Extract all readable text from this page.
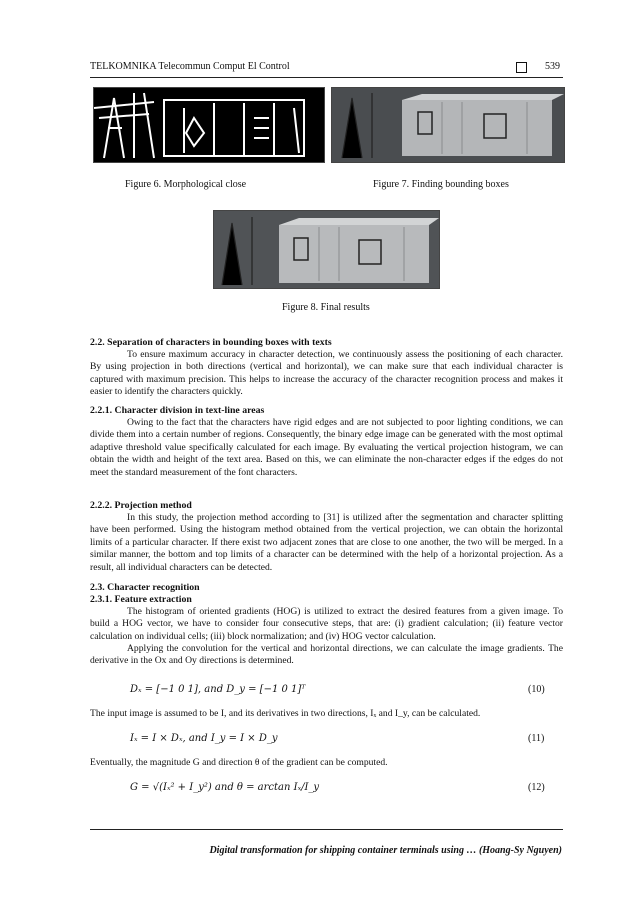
TELKOMNIKA Telecommun Comput El Control	539
Figure 6. Morphological close	Figure 7. Finding bounding boxes
Figure 8. Final results
2.2. Separation of characters in bounding boxes with texts
To ensure maximum accuracy in character detection, we continuously assess the positioning of each character. By using projection in both directions (vertical and horizontal), we can make sure that each individual character is captured with maximum precision. This helps to increase the accuracy of the character recognition process and makes it easier to identify the characters quickly.
2.2.1. Character division in text-line areas
Owing to the fact that the characters have rigid edges and are not subjected to poor lighting conditions, we can divide them into a certain number of regions. Consequently, the binary edge image can be generated with the most optimal adaptive threshold value specifically calculated for each image. By evaluating the vertical projection histogram, we can obtain the width and height of the text area. Based on this, we can eliminate the non-character edges if the edges do not meet the standard measurement of the font characters.
2.2.2. Projection method
In this study, the projection method according to [31] is utilized after the segmentation and character splitting have been performed. Using the histogram method obtained from the vertical projection, we can obtain the horizontal limits of a particular character. If there exist two adjacent zones that are close to one another, the two will be merged. In a similar manner, the bottom and top limits of a character can be determined with the help of a horizontal projection. As a result, all individual characters can be detected.
2.3. Character recognition
2.3.1. Feature extraction
The histogram of oriented gradients (HOG) is utilized to extract the desired features from a given image. To build a HOG vector, we have to consider four consecutive steps, that are: (i) gradient calculation; (ii) feature vector calculation on individual cells; (iii) block normalization; and (iv) HOG vector calculation.
Applying the convolution for the vertical and horizontal directions, we can calculate the image gradients. The derivative in the Ox and Oy directions is determined.
Dₓ = [−1 0 1], and D_y = [−1 0 1]ᵀ	(10)
The input image is assumed to be I, and its derivatives in two directions, Iₓ and I_y, can be calculated.
Iₓ = I × Dₓ, and I_y = I × D_y	(11)
Eventually, the magnitude G and direction θ of the gradient can be computed.
G = √(Iₓ² + I_y²) and θ = arctan Iₓ/I_y	(12)
Digital transformation for shipping container terminals using … (Hoang-Sy Nguyen)
